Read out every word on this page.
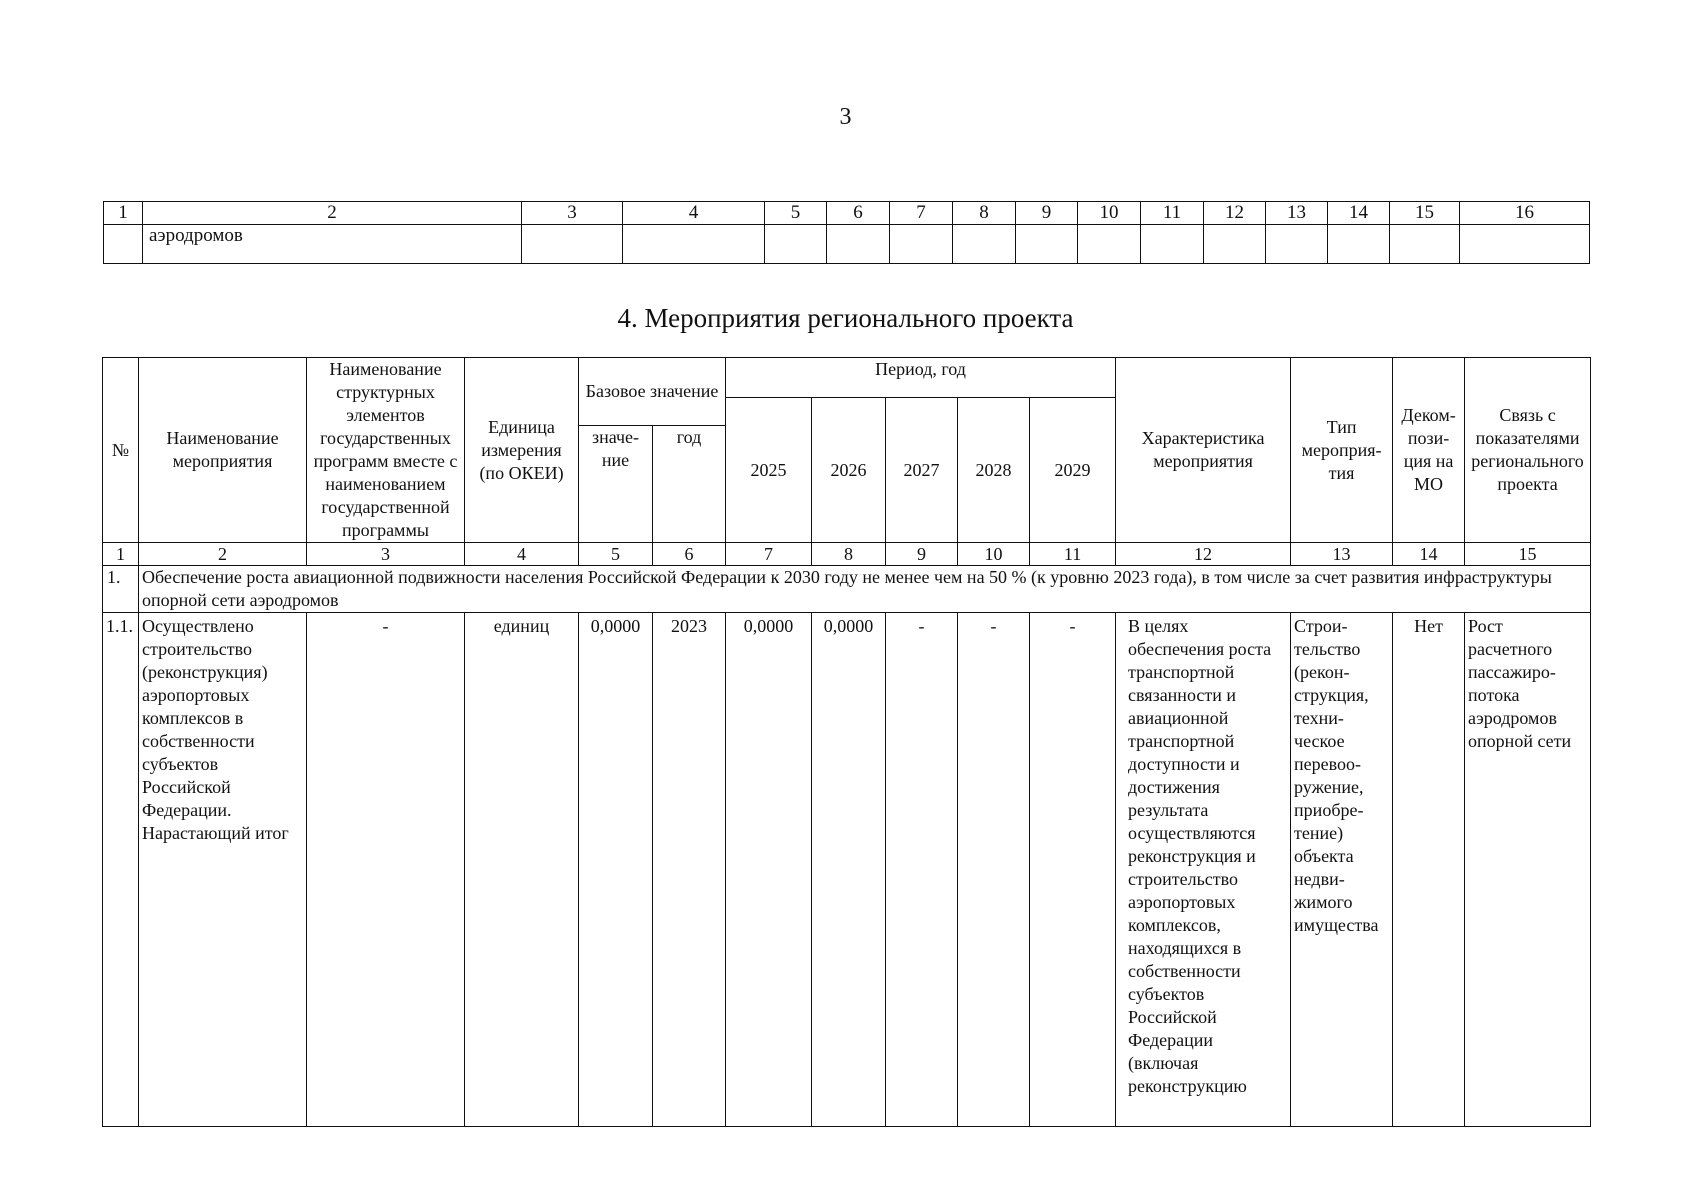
3
1	2	3	4	5	6	7	8	9	10	11	12	13	14	15	16
	аэродромов														
4. Мероприятия регионального проекта
№	Наименование мероприятия	Наименование структурных элементов государственных программ вместе с наименованием государственной программы	Единица измерения (по ОКЕИ)	Базовое значение		Период, год					Характеристика мероприятия	Тип мероприя-тия	Деком-пози-ция на МО	Связь с показателями регионального проекта
						2025	2026	2027	2028	2029				
				значе-ние	год									
1	2	3	4	5	6	7	8	9	10	11	12	13	14	15
1.	Обеспечение роста авиационной подвижности населения Российской Федерации к 2030 году не менее чем на 50 % (к уровню 2023 года), в том числе за счет развития инфраструктуры опорной сети аэродромов													
1.1.	Осуществлено строительство (реконструкция) аэропортовых комплексов в собственности субъектов Российской Федерации. Нарастающий итог	-	единиц	0,0000	2023	0,0000	0,0000	-	-	-	В целях обеспечения роста транспортной связанности и авиационной транспортной доступности и достижения результата осуществляются реконструкция и строительство аэропортовых комплексов, находящихся в собственности субъектов Российской Федерации (включая реконструкцию	Строи-тельство (рекон-струкция, техни-ческое перевоо-ружение, приобре-тение) объекта недви-жимого имущества	Нет	Рост расчетного пассажиро-потока аэродромов опорной сети
